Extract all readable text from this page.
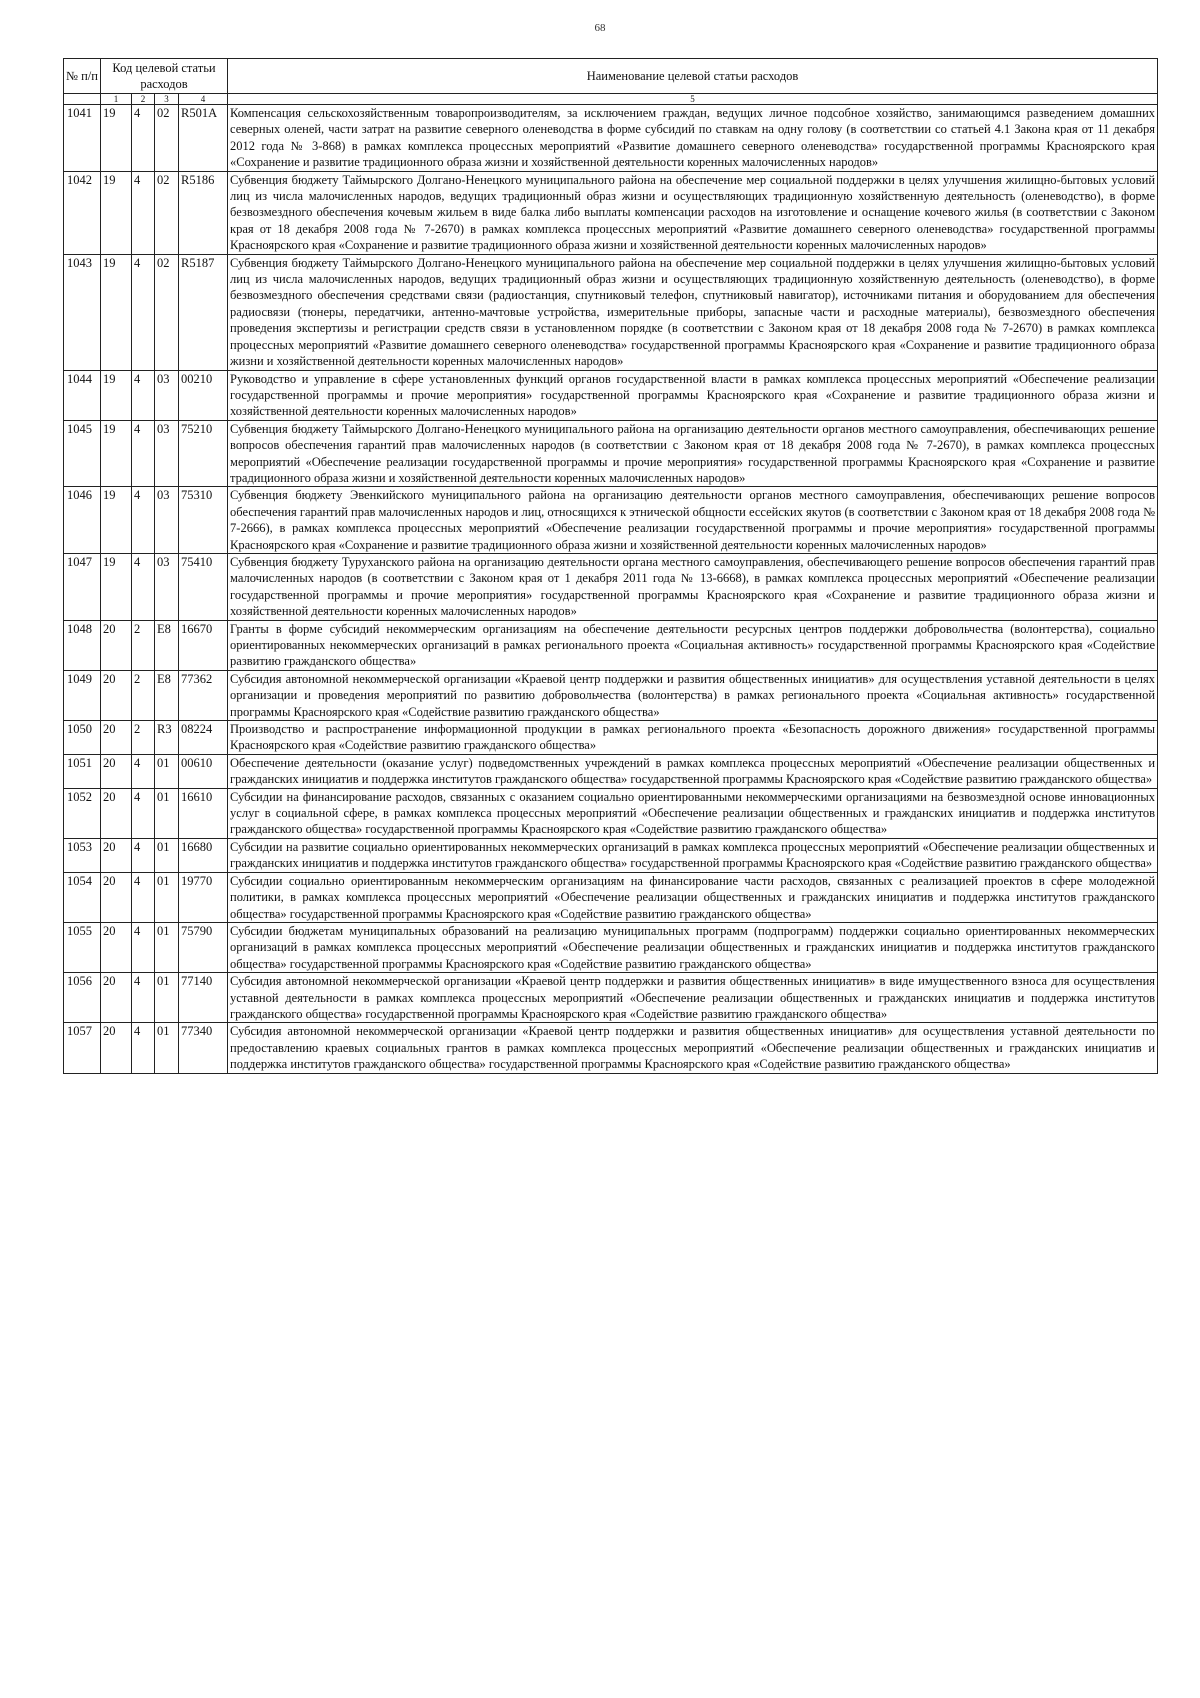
68
№ п/п	Код целевой статьи расходов				Наименование целевой статьи расходов
	1	2	3	4	5
1041	19	4	02	R501A	Компенсация сельскохозяйственным товаропроизводителям, за исключением граждан, ведущих личное подсобное хозяйство, занимающимся разведением домашних северных оленей, части затрат на развитие северного оленеводства в форме субсидий по ставкам на одну голову (в соответствии со статьей 4.1 Закона края от 11 декабря 2012 года № 3-868) в рамках комплекса процессных мероприятий «Развитие домашнего северного оленеводства» государственной программы Красноярского края «Сохранение и развитие традиционного образа жизни и хозяйственной деятельности коренных малочисленных народов»
1042	19	4	02	R5186	Субвенция бюджету Таймырского Долгано-Ненецкого муниципального района на обеспечение мер социальной поддержки в целях улучшения жилищно-бытовых условий лиц из числа малочисленных народов, ведущих традиционный образ жизни и осуществляющих традиционную хозяйственную деятельность (оленеводство), в форме безвозмездного обеспечения кочевым жильем в виде балка либо выплаты компенсации расходов на изготовление и оснащение кочевого жилья (в соответствии с Законом края от 18 декабря 2008 года № 7-2670) в рамках комплекса процессных мероприятий «Развитие домашнего северного оленеводства» государственной программы Красноярского края «Сохранение и развитие традиционного образа жизни и хозяйственной деятельности коренных малочисленных народов»
1043	19	4	02	R5187	Субвенция бюджету Таймырского Долгано-Ненецкого муниципального района на обеспечение мер социальной поддержки в целях улучшения жилищно-бытовых условий лиц из числа малочисленных народов, ведущих традиционный образ жизни и осуществляющих традиционную хозяйственную деятельность (оленеводство), в форме безвозмездного обеспечения средствами связи (радиостанция, спутниковый телефон, спутниковый навигатор), источниками питания и оборудованием для обеспечения радиосвязи (тюнеры, передатчики, антенно-мачтовые устройства, измерительные приборы, запасные части и расходные материалы), безвозмездного обеспечения проведения экспертизы и регистрации средств связи в установленном порядке (в соответствии с Законом края от 18 декабря 2008 года № 7-2670) в рамках комплекса процессных мероприятий «Развитие домашнего северного оленеводства» государственной программы Красноярского края «Сохранение и развитие традиционного образа жизни и хозяйственной деятельности коренных малочисленных народов»
1044	19	4	03	00210	Руководство и управление в сфере установленных функций органов государственной власти в рамках комплекса процессных мероприятий «Обеспечение реализации государственной программы и прочие мероприятия» государственной программы Красноярского края «Сохранение и развитие традиционного образа жизни и хозяйственной деятельности коренных малочисленных народов»
1045	19	4	03	75210	Субвенция бюджету Таймырского Долгано-Ненецкого муниципального района на организацию деятельности органов местного самоуправления, обеспечивающих решение вопросов обеспечения гарантий прав малочисленных народов (в соответствии с Законом края от 18 декабря 2008 года № 7-2670), в рамках комплекса процессных мероприятий «Обеспечение реализации государственной программы и прочие мероприятия» государственной программы Красноярского края «Сохранение и развитие традиционного образа жизни и хозяйственной деятельности коренных малочисленных народов»
1046	19	4	03	75310	Субвенция бюджету Эвенкийского муниципального района на организацию деятельности органов местного самоуправления, обеспечивающих решение вопросов обеспечения гарантий прав малочисленных народов и лиц, относящихся к этнической общности ессейских якутов (в соответствии с Законом края от 18 декабря 2008 года № 7-2666), в рамках комплекса процессных мероприятий «Обеспечение реализации государственной программы и прочие мероприятия» государственной программы Красноярского края «Сохранение и развитие традиционного образа жизни и хозяйственной деятельности коренных малочисленных народов»
1047	19	4	03	75410	Субвенция бюджету Туруханского района на организацию деятельности органа местного самоуправления, обеспечивающего решение вопросов обеспечения гарантий прав малочисленных народов (в соответствии с Законом края от 1 декабря 2011 года № 13-6668), в рамках комплекса процессных мероприятий «Обеспечение реализации государственной программы и прочие мероприятия» государственной программы Красноярского края «Сохранение и развитие традиционного образа жизни и хозяйственной деятельности коренных малочисленных народов»
1048	20	2	E8	16670	Гранты в форме субсидий некоммерческим организациям на обеспечение деятельности ресурсных центров поддержки добровольчества (волонтерства), социально ориентированных некоммерческих организаций в рамках регионального проекта «Социальная активность» государственной программы Красноярского края «Содействие развитию гражданского общества»
1049	20	2	E8	77362	Субсидия автономной некоммерческой организации «Краевой центр поддержки и развития общественных инициатив» для осуществления уставной деятельности в целях организации и проведения мероприятий по развитию добровольчества (волонтерства) в рамках регионального проекта «Социальная активность» государственной программы Красноярского края «Содействие развитию гражданского общества»
1050	20	2	R3	08224	Производство и распространение информационной продукции в рамках регионального проекта «Безопасность дорожного движения» государственной программы Красноярского края «Содействие развитию гражданского общества»
1051	20	4	01	00610	Обеспечение деятельности (оказание услуг) подведомственных учреждений в рамках комплекса процессных мероприятий «Обеспечение реализации общественных и гражданских инициатив и поддержка институтов гражданского общества» государственной программы Красноярского края «Содействие развитию гражданского общества»
1052	20	4	01	16610	Субсидии на финансирование расходов, связанных с оказанием социально ориентированными некоммерческими организациями на безвозмездной основе инновационных услуг в социальной сфере, в рамках комплекса процессных мероприятий «Обеспечение реализации общественных и гражданских инициатив и поддержка институтов гражданского общества» государственной программы Красноярского края «Содействие развитию гражданского общества»
1053	20	4	01	16680	Субсидии на развитие социально ориентированных некоммерческих организаций в рамках комплекса процессных мероприятий «Обеспечение реализации общественных и гражданских инициатив и поддержка институтов гражданского общества» государственной программы Красноярского края «Содействие развитию гражданского общества»
1054	20	4	01	19770	Субсидии социально ориентированным некоммерческим организациям на финансирование части расходов, связанных с реализацией проектов в сфере молодежной политики, в рамках комплекса процессных мероприятий «Обеспечение реализации общественных и гражданских инициатив и поддержка институтов гражданского общества» государственной программы Красноярского края «Содействие развитию гражданского общества»
1055	20	4	01	75790	Субсидии бюджетам муниципальных образований на реализацию муниципальных программ (подпрограмм) поддержки социально ориентированных некоммерческих организаций в рамках комплекса процессных мероприятий «Обеспечение реализации общественных и гражданских инициатив и поддержка институтов гражданского общества» государственной программы Красноярского края «Содействие развитию гражданского общества»
1056	20	4	01	77140	Субсидия автономной некоммерческой организации «Краевой центр поддержки и развития общественных инициатив» в виде имущественного взноса для осуществления уставной деятельности в рамках комплекса процессных мероприятий «Обеспечение реализации общественных и гражданских инициатив и поддержка институтов гражданского общества» государственной программы Красноярского края «Содействие развитию гражданского общества»
1057	20	4	01	77340	Субсидия автономной некоммерческой организации «Краевой центр поддержки и развития общественных инициатив» для осуществления уставной деятельности по предоставлению краевых социальных грантов в рамках комплекса процессных мероприятий «Обеспечение реализации общественных и гражданских инициатив и поддержка институтов гражданского общества» государственной программы Красноярского края «Содействие развитию гражданского общества»
